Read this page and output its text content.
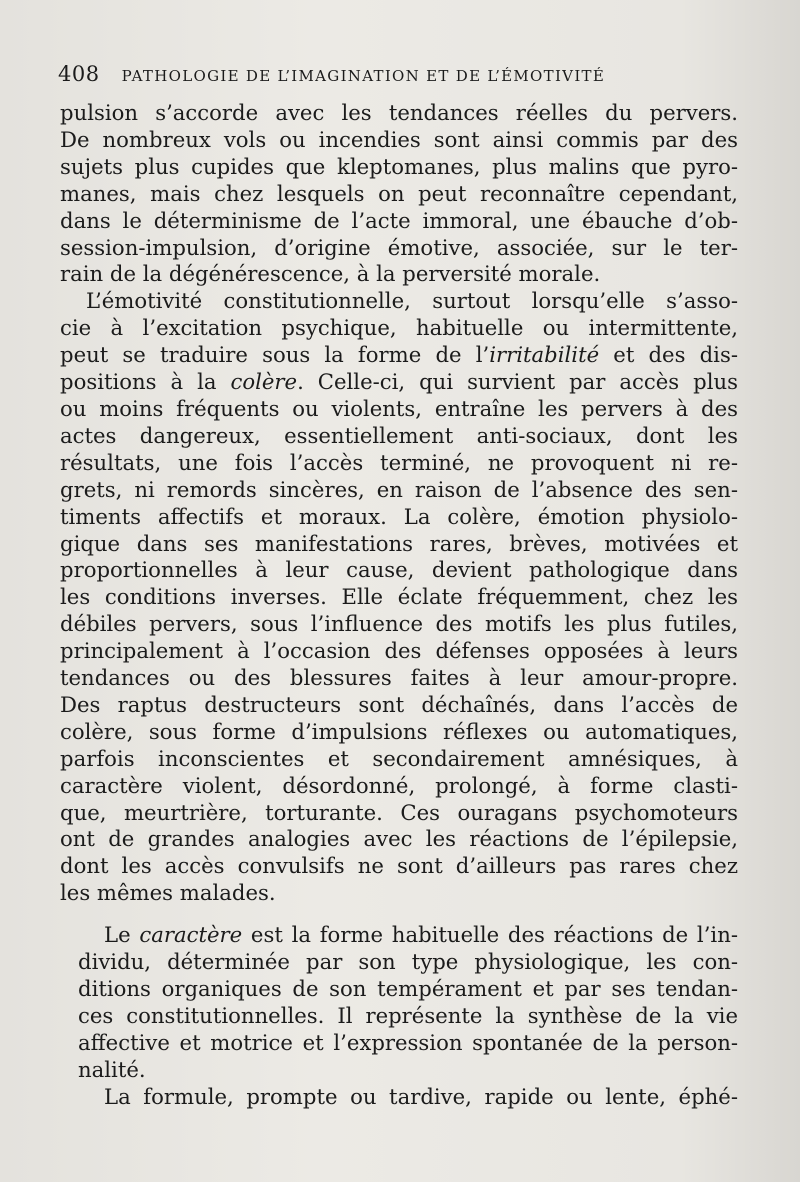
408 PATHOLOGIE DE L’IMAGINATION ET DE L’ÉMOTIVITÉ

pulsion s’accorde avec les tendances réelles du pervers.

De nombreux vols ou incendies sont ainsi commis par des

sujets plus cupides que kleptomanes, plus malins que pyro-

manes, mais chez lesquels on peut reconnaître cependant,

dans le déterminisme de l’acte immoral, une ébauche d’ob-

session-impulsion, d’origine émotive, associée, sur le ter-

rain de la dégénérescence, à la perversité morale.

L’émotivité constitutionnelle, surtout lorsqu’elle s’asso-

cie à l’excitation psychique, habituelle ou intermittente,

peut se traduire sous la forme de l’irritabilité et des dis-

positions à la colère. Celle-ci, qui survient par accès plus

ou moins fréquents ou violents, entraîne les pervers à des

actes dangereux, essentiellement anti-sociaux, dont les

résultats, une fois l’accès terminé, ne provoquent ni re-

grets, ni remords sincères, en raison de l’absence des sen-

timents affectifs et moraux. La colère, émotion physiolo-

gique dans ses manifestations rares, brèves, motivées et

proportionnelles à leur cause, devient pathologique dans

les conditions inverses. Elle éclate fréquemment, chez les

débiles pervers, sous l’influence des motifs les plus futiles,

principalement à l’occasion des défenses opposées à leurs

tendances ou des blessures faites à leur amour-propre.

Des raptus destructeurs sont déchaînés, dans l’accès de

colère, sous forme d’impulsions réflexes ou automatiques,

parfois inconscientes et secondairement amnésiques, à

caractère violent, désordonné, prolongé, à forme clasti-

que, meurtrière, torturante. Ces ouragans psychomoteurs

ont de grandes analogies avec les réactions de l’épilepsie,

dont les accès convulsifs ne sont d’ailleurs pas rares chez

les mêmes malades.

Le caractère est la forme habituelle des réactions de l’in-

dividu, déterminée par son type physiologique, les con-

ditions organiques de son tempérament et par ses tendan-

ces constitutionnelles. Il représente la synthèse de la vie

affective et motrice et l’expression spontanée de la person-

nalité.

La formule, prompte ou tardive, rapide ou lente, éphé-
